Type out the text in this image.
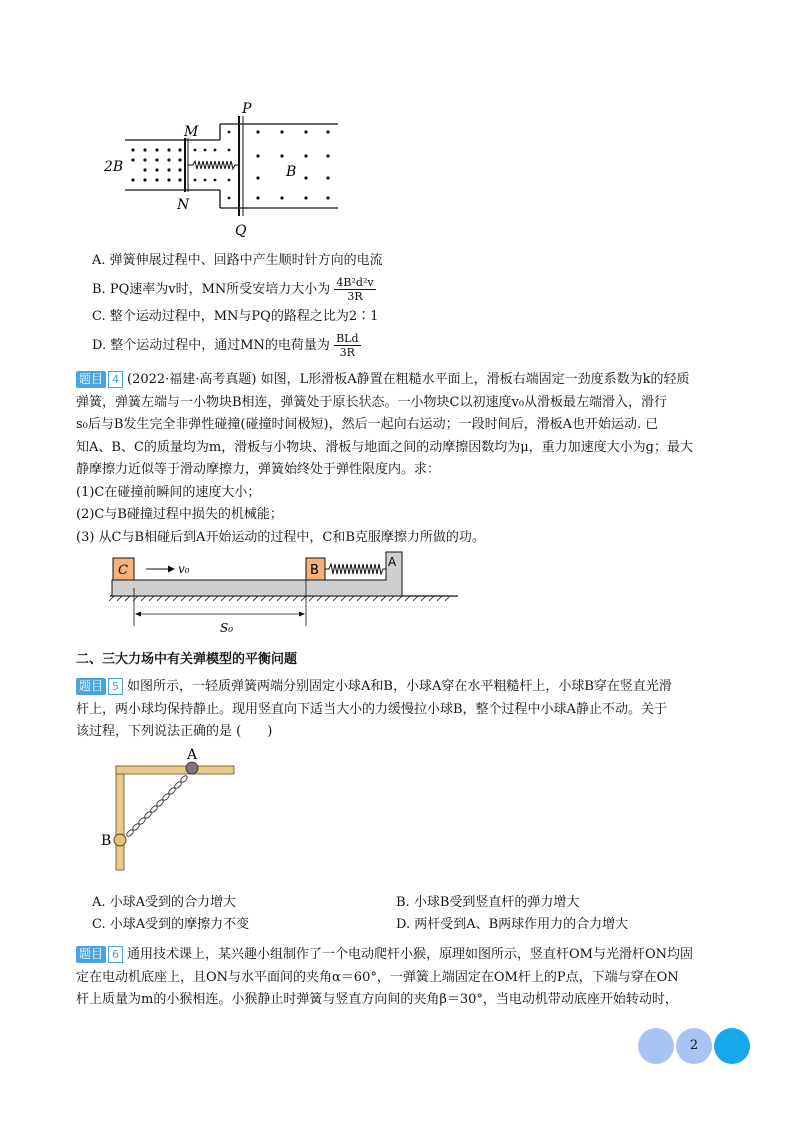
P
M
N
Q
2B	B
A. 弹簧伸展过程中、回路中产生顺时针方向的电流
B. PQ速率为v时，MN所受安培力大小为 $\frac{\text{4B²d²v}}{3R}$
C. 整个运动过程中，MN与PQ的路程之比为2∶1
D. 整个运动过程中，通过MN的电荷量为 $\frac{\text{BLd}}{3R}$
题目 4 (2022·福建·高考真题) 如图，L形滑板A静置在粗糙水平面上，滑板右端固定一劲度系数为k的轻质
弹簧，弹簧左端与一小物块B相连，弹簧处于原长状态。一小物块C以初速度v₀从滑板最左端滑入，滑行
s₀后与B发生完全非弹性碰撞(碰撞时间极短)，然后一起向右运动；一段时间后，滑板A也开始运动. 已
知A、B、C的质量均为m，滑板与小物块、滑板与地面之间的动摩擦因数均为μ，重力加速度大小为g；最大
静摩擦力近似等于滑动摩擦力，弹簧始终处于弹性限度内。求：
(1)C在碰撞前瞬间的速度大小；
(2)C与B碰撞过程中损失的机械能；
(3) 从C与B相碰后到A开始运动的过程中，C和B克服摩擦力所做的功。
C	v₀	B
A
S₀
二、三大力场中有关弹模型的平衡问题
题目 5 如图所示，一轻质弹簧两端分别固定小球A和B，小球A穿在水平粗糙杆上，小球B穿在竖直光滑
杆上，两小球均保持静止。现用竖直向下适当大小的力缓慢拉小球B，整个过程中小球A静止不动。关于
该过程，下列说法正确的是 (　　)
A
B
A. 小球A受到的合力增大	B. 小球B受到竖直杆的弹力增大
C. 小球A受到的摩擦力不变	D. 两杆受到A、B两球作用力的合力增大
题目 6 通用技术课上，某兴趣小组制作了一个电动爬杆小猴，原理如图所示，竖直杆OM与光滑杆ON均固
定在电动机底座上，且ON与水平面间的夹角α＝60°，一弹簧上端固定在OM杆上的P点，下端与穿在ON
杆上质量为m的小猴相连。小猴静止时弹簧与竖直方向间的夹角β＝30°，当电动机带动底座开始转动时，
2
